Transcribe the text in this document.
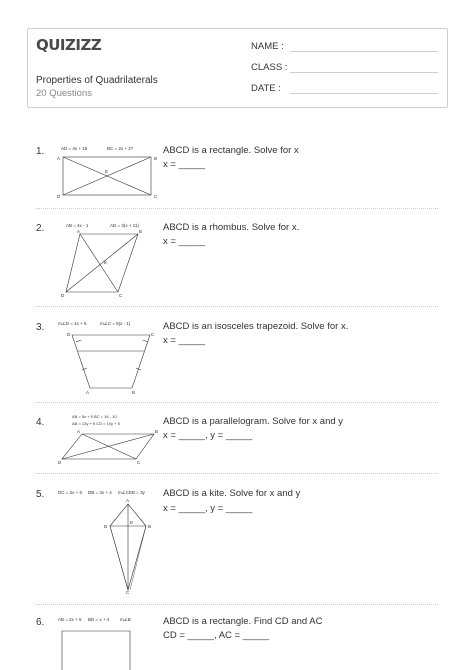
QUIZIZZ
Properties of Quadrilaterals
20 Questions
NAME :
CLASS :
DATE :
1.	ABCD is a rectangle. Solve for x
x = _____
AD = 4x + 15	BC = 2x + 27
A	B
C
D
E
2.	ABCD is a rhombus. Solve for x.
x = _____
AB = 4x - 1	AD = 3(x + 11)
A	B
C
D
E
3.	ABCD is an isosceles trapezoid. Solve for x.
x = _____
m∠D = 4x + 5	m∠C = 5(x - 1)
A	B
C
D
4.	ABCD is a parallelogram. Solve for x and y
x = _____, y = _____
AB = 5x + 5 BC = 16 - 10
AB = 13y + 9 CD = 10y + 5
A	B
C
D
5.	ABCD is a kite. Solve for x and y
x = _____, y = _____
DC = 2x + 5 DB = 3x + 4 m∠CEB = 3y
A
B
C
D
E
6.	ABCD is a rectangle. Find CD and AC
CD = _____, AC = _____
AB = 2x + 5 BD = x + 4 m∠B
